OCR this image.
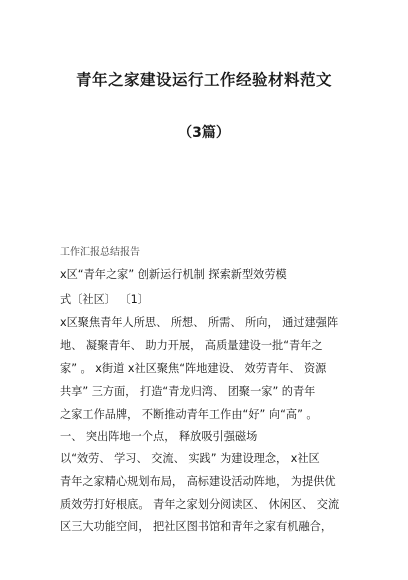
青年之家建设运行工作经验材料范文
（3篇）
工作汇报总结报告
x区“青年之家” 创新运行机制 探索新型效劳模
式〔社区〕 〔1〕
x区聚焦青年人所思、 所想、 所需、 所向， 通过建强阵
地、 凝聚青年、 助力开展， 高质量建设一批“青年之
家” 。 x街道 x社区聚焦“阵地建设、 效劳青年、 资源
共享” 三方面， 打造“青龙归湾、 团聚一家” 的青年
之家工作品牌， 不断推动青年工作由“好” 向“高” 。
一、 突出阵地一个点， 释放吸引强磁场
以“效劳、 学习、 交流、 实践” 为建设理念， x社区
青年之家精心规划布局， 高标建设活动阵地， 为提供优
质效劳打好根底。 青年之家划分阅读区、 休闲区、 交流
区三大功能空间， 把社区图书馆和青年之家有机融合，
